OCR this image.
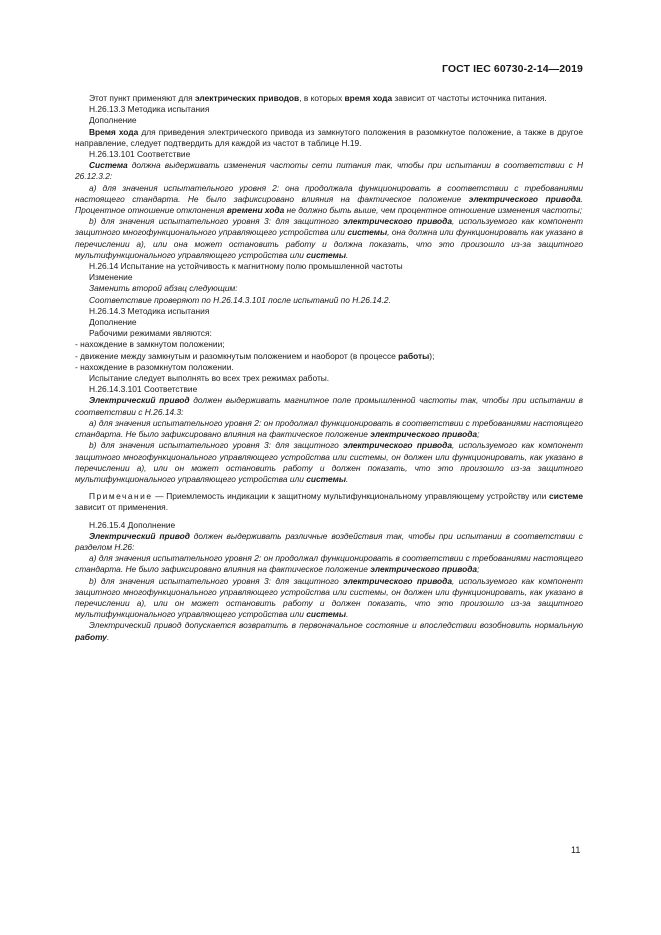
ГОСТ IEC 60730-2-14—2019

Этот пункт применяют для электрических приводов, в которых время хода зависит от частоты источника питания.

H.26.13.3 Методика испытания

Дополнение

Время хода для приведения электрического привода из замкнутого положения в разомкнутое положение, а также в другое направление, следует подтвердить для каждой из частот в таблице H.19.

H.26.13.101 Соответствие

Система должна выдерживать изменения частоты сети питания так, чтобы при испытании в соответствии с H 26.12.3.2:

а) для значения испытательного уровня 2: она продолжала функционировать в соответствии с требованиями настоящего стандарта. Не было зафиксировано влияния на фактическое положение электрического привода. Процентное отношение отклонения времени хода не должно быть выше, чем процентное отношение изменения частоты;

b) для значения испытательного уровня 3: для защитного электрического привода, используемого как компонент защитного многофункционального управляющего устройства или системы, она должна или функционировать как указано в перечислении а), или она может остановить работу и должна показать, что это произошло из-за защитного мультифункционального управляющего устройства или системы.

H.26.14 Испытание на устойчивость к магнитному полю промышленной частоты

Изменение

Заменить второй абзац следующим:

Соответствие проверяют по H.26.14.3.101 после испытаний по H.26.14.2.

H.26.14.3 Методика испытания

Дополнение

Рабочими режимами являются:

- нахождение в замкнутом положении;

- движение между замкнутым и разомкнутым положением и наоборот (в процессе работы);

- нахождение в разомкнутом положении.

Испытание следует выполнять во всех трех режимах работы.

H.26.14.3.101 Соответствие

Электрический привод должен выдерживать магнитное поле промышленной частоты так, чтобы при испытании в соответствии с H.26.14.3:

а) для значения испытательного уровня 2: он продолжал функционировать в соответствии с требованиями настоящего стандарта. Не было зафиксировано влияния на фактическое положение электрического привода;

b) для значения испытательного уровня 3: для защитного электрического привода, используемого как компонент защитного многофункционального управляющего устройства или системы, он должен или функционировать, как указано в перечислении а), или он может остановить работу и должен показать, что это произошло из-за защитного мультифункционального управляющего устройства или системы.

Примечание — Приемлемость индикации к защитному мультифункциональному управляющему устройству или системе зависит от применения.

H.26.15.4 Дополнение

Электрический привод должен выдерживать различные воздействия так, чтобы при испытании в соответствии с разделом H.26:

а) для значения испытательного уровня 2: он продолжал функционировать в соответствии с требованиями настоящего стандарта. Не было зафиксировано влияния на фактическое положение электрического привода;

b) для значения испытательного уровня 3: для защитного электрического привода, используемого как компонент защитного многофункционального управляющего устройства или системы, он должен или функционировать, как указано в перечислении а), или он может остановить работу и должен показать, что это произошло из-за защитного мультифункционального управляющего устройства или системы.

Электрический привод допускается возвратить в первоначальное состояние и впоследствии возобновить нормальную работу.

11
